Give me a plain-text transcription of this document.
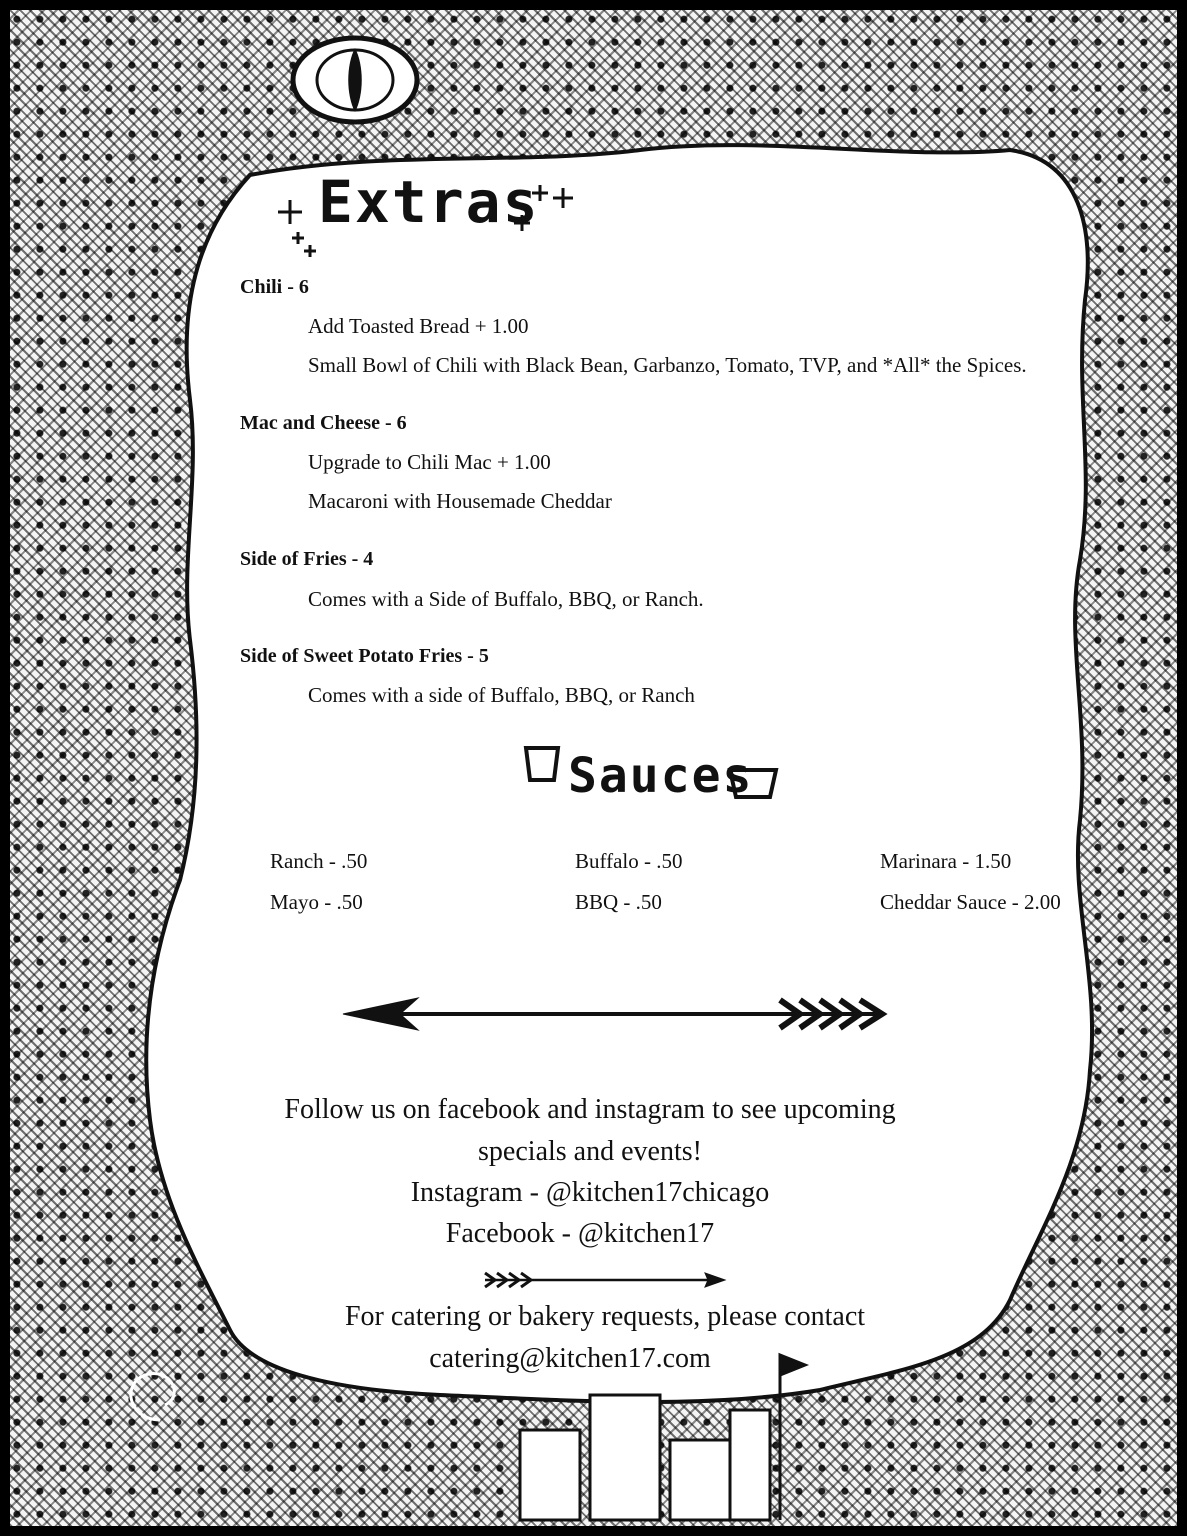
Extras
Chili - 6
Add Toasted Bread + 1.00
Small Bowl of Chili with Black Bean, Garbanzo, Tomato, TVP, and *All* the Spices.
Mac and Cheese - 6
Upgrade to Chili Mac + 1.00
Macaroni with Housemade Cheddar
Side of Fries - 4
Comes with a Side of Buffalo, BBQ, or Ranch.
Side of Sweet Potato Fries - 5
Comes with a side of Buffalo, BBQ, or Ranch
Sauces
Ranch - .50
Mayo - .50
Buffalo - .50
BBQ - .50
Marinara - 1.50
Cheddar Sauce - 2.00
Follow us on facebook and instagram to see upcoming
specials and events!
Instagram - @kitchen17chicago
Facebook - @kitchen17
For catering or bakery requests, please contact
catering@kitchen17.com
